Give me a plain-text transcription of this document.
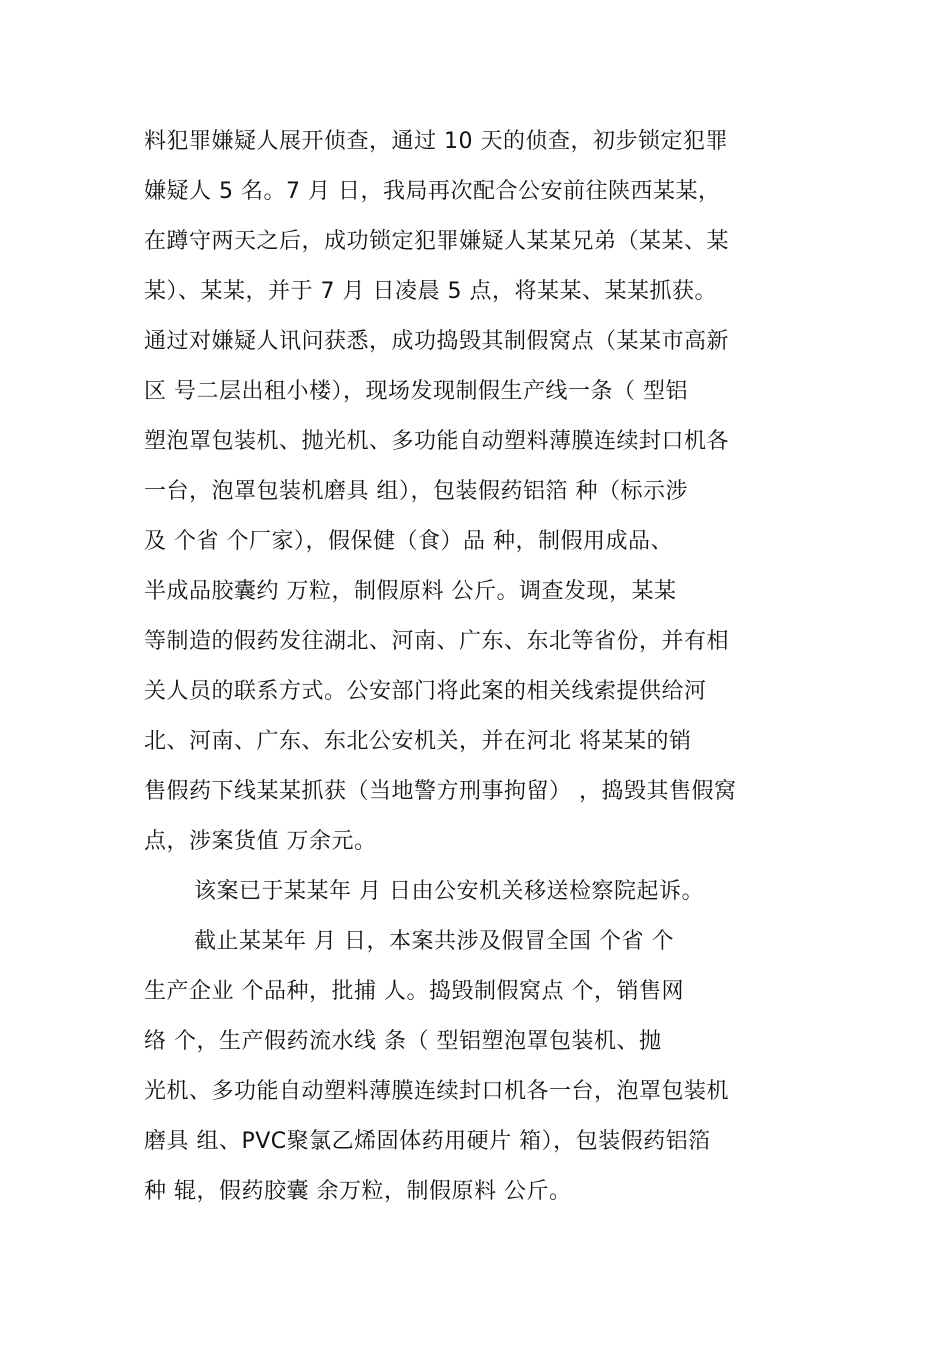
料犯罪嫌疑人展开侦查，通过 10 天的侦查，初步锁定犯罪
嫌疑人 5 名。7 月 日，我局再次配合公安前往陕西某某，
在蹲守两天之后，成功锁定犯罪嫌疑人某某兄弟（某某、某
某）、某某，并于 7 月 日凌晨 5 点，将某某、某某抓获。
通过对嫌疑人讯问获悉，成功捣毁其制假窝点（某某市高新
区 号二层出租小楼），现场发现制假生产线一条（ 型铝
塑泡罩包装机、抛光机、多功能自动塑料薄膜连续封口机各
一台，泡罩包装机磨具 组），包装假药铝箔 种（标示涉
及 个省 个厂家），假保健（食）品 种，制假用成品、
半成品胶囊约 万粒，制假原料 公斤。调查发现，某某
等制造的假药发往湖北、河南、广东、东北等省份，并有相
关人员的联系方式。公安部门将此案的相关线索提供给河
北、河南、广东、东北公安机关，并在河北 将某某的销
售假药下线某某抓获（当地警方刑事拘留） ，捣毁其售假窝
点，涉案货值 万余元。
该案已于某某年 月 日由公安机关移送检察院起诉。
截止某某年 月 日，本案共涉及假冒全国 个省 个
生产企业 个品种，批捕 人。捣毁制假窝点 个，销售网
络 个，生产假药流水线 条（ 型铝塑泡罩包装机、抛
光机、多功能自动塑料薄膜连续封口机各一台，泡罩包装机
磨具 组、PVC聚氯乙烯固体药用硬片 箱），包装假药铝箔
种 辊，假药胶囊 余万粒，制假原料 公斤。
